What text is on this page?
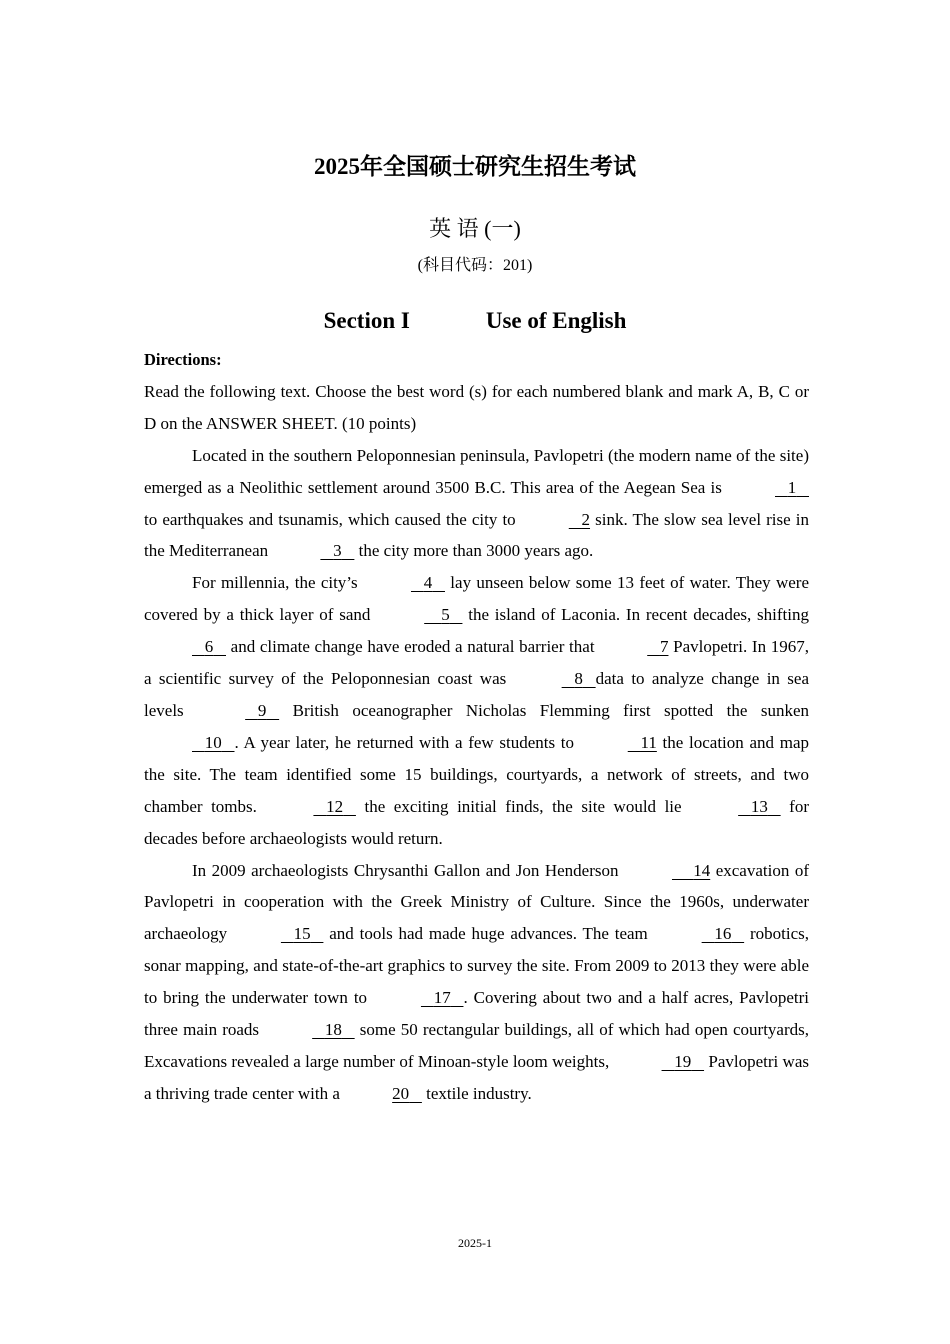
2025年全国硕士研究生招生考试
英 语 (一)
(科目代码：201)
Section I	Use of English
Directions:

Read the following text. Choose the best word (s) for each numbered blank and mark A, B, C or D on the ANSWER SHEET. (10 points)

Located in the southern Peloponnesian peninsula, Pavlopetri (the modern name of the site) emerged as a Neolithic settlement around 3500 B.C. This area of the Aegean Sea is	1    to earthquakes and tsunamis, which caused the city to	2 sink. The slow sea level rise in the Mediterranean	3    the city more than 3000 years ago.

For millennia, the city’s	4    lay unseen below some 13 feet of water. They were covered by a thick layer of sand	5    the island of Laconia. In recent decades, shifting    6    and climate change have eroded a natural barrier that	7 Pavlopetri. In 1967, a scientific survey of the Peloponnesian coast was	8 data to analyze change in sea levels	9    British oceanographer Nicholas Flemming first spotted the sunken    10 . A year later, he returned with a few students to	11 the location and map the site. The team identified some 15 buildings, courtyards, a network of streets, and two chamber tombs.	12    the exciting initial finds, the site would lie	13    for decades before archaeologists would return.

In 2009 archaeologists Chrysanthi Gallon and Jon Henderson	14 excavation of Pavlopetri in cooperation with the Greek Ministry of Culture. Since the 1960s, underwater archaeology	15    and tools had made huge advances. The team	16    robotics, sonar mapping, and state-of-the-art graphics to survey the site. From 2009 to 2013 they were able to bring the underwater town to	17 . Covering about two and a half acres, Pavlopetri three main roads	18    some 50 rectangular buildings, all of which had open courtyards, Excavations revealed a large number of Minoan-style loom weights,	19    Pavlopetri was a thriving trade center with a	20    textile industry.

2025-1
